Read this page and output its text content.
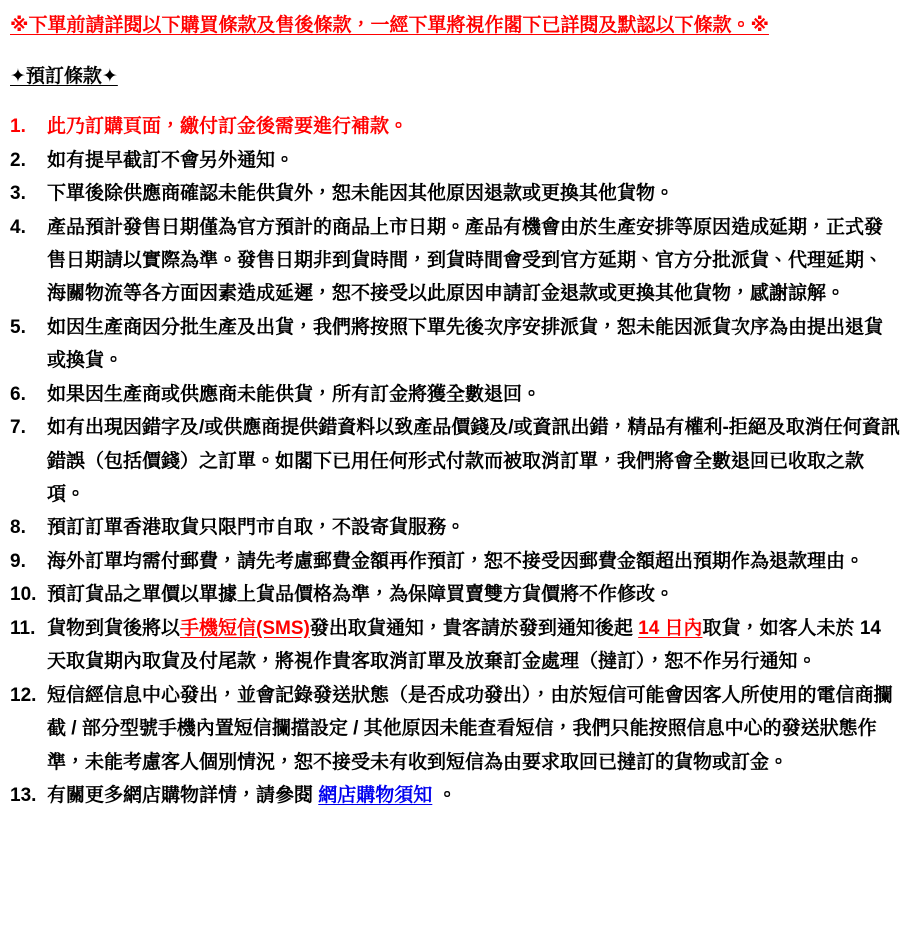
※下單前請詳閱以下購買條款及售後條款，一經下單將視作閣下已詳閱及默認以下條款。※
✦預訂條款✦
1.	此乃訂購頁面，繳付訂金後需要進行補款。
2.	如有提早截訂不會另外通知。
3.	下單後除供應商確認未能供貨外，恕未能因其他原因退款或更換其他貨物。
4.	產品預計發售日期僅為官方預計的商品上市日期。產品有機會由於生產安排等原因造成延期，正式發售日期請以實際為準。發售日期非到貨時間，到貨時間會受到官方延期、官方分批派貨、代理延期、海關物流等各方面因素造成延遲，恕不接受以此原因申請訂金退款或更換其他貨物，感謝諒解。
5.	如因生產商因分批生產及出貨，我們將按照下單先後次序安排派貨，恕未能因派貨次序為由提出退貨或換貨。
6.	如果因生產商或供應商未能供貨，所有訂金將獲全數退回。
7.	如有出現因錯字及/或供應商提供錯資料以致產品價錢及/或資訊出錯，精品有權利-拒絕及取消任何資訊錯誤（包括價錢）之訂單。如閣下已用任何形式付款而被取消訂單，我們將會全數退回已收取之款項。
8.	預訂訂單香港取貨只限門市自取，不設寄貨服務。
9.	海外訂單均需付郵費，請先考慮郵費金額再作預訂，恕不接受因郵費金額超出預期作為退款理由。
10. 預訂貨品之單價以單據上貨品價格為準，為保障買賣雙方貨價將不作修改。
11. 貨物到貨後將以手機短信(SMS)發出取貨通知，貴客請於發到通知後起 14 日內取貨，如客人未於 14 天取貨期內取貨及付尾款，將視作貴客取消訂單及放棄訂金處理（撻訂），恕不作另行通知。
12. 短信經信息中心發出，並會記錄發送狀態（是否成功發出），由於短信可能會因客人所使用的電信商攔截 / 部分型號手機內置短信攔擋設定 / 其他原因未能查看短信，我們只能按照信息中心的發送狀態作準，未能考慮客人個別情況，恕不接受未有收到短信為由要求取回已撻訂的貨物或訂金。
13. 有關更多網店購物詳情，請參閱 網店購物須知 。
